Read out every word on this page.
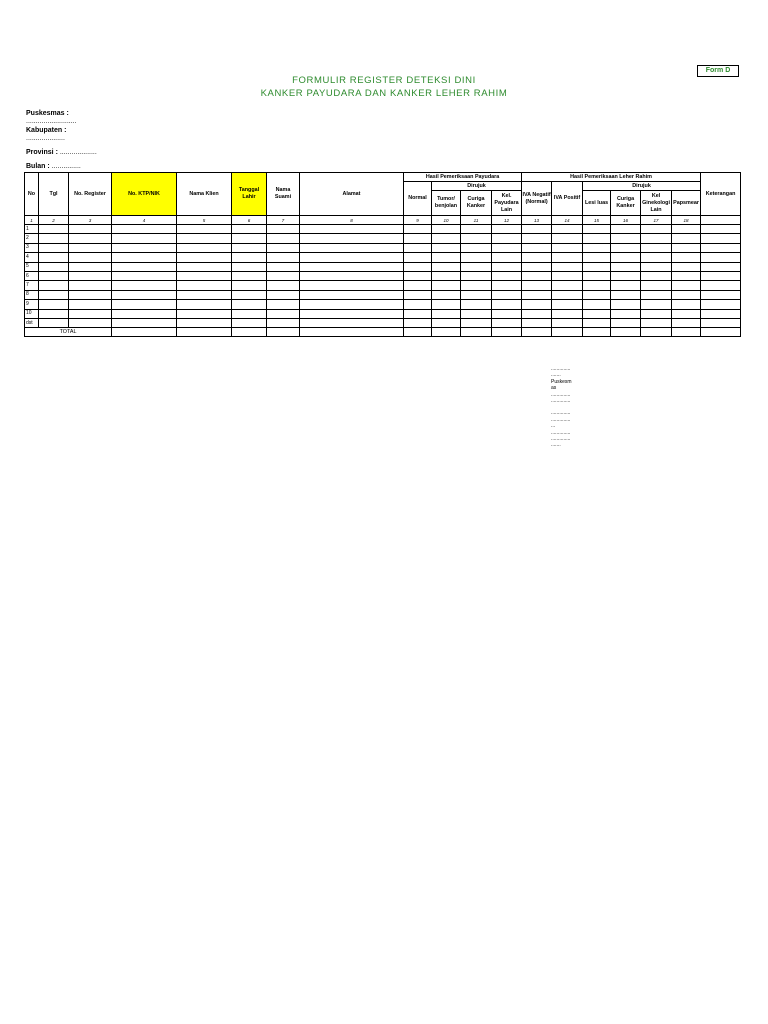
Form D
FORMULIR REGISTER DETEKSI DINI
KANKER PAYUDARA DAN KANKER LEHER RAHIM
Puskesmas :
..........................
Kabupaten :
....................
Provinsi : ...................
Bulan : ...............
No	Tgl	No. Register	No. KTP/NIK	Nama Klien	Tanggal Lahir	Nama Suami	Alamat	Hasil Pemeriksaan Payudara				Hasil Pemeriksaan Leher Rahim						Keterangan
								Normal	Dirujuk			IVA Negatif (Normal)	IVA Positif	Dirujuk				
									Tumor/ benjolan	Curiga Kanker	Kel. Payudara Lain			Lesi luas	Curiga Kanker	Kel Ginekologi Lain	Papsmear	
1	2	3	4	5	6	7	8	9	10	11	12	13	14	15	16	17	18	
1																		
2																		
3																		
4																		
5																		
6																		
7																		
8																		
9																		
10																		
dst																		
TOTAL																		
..............
.......
Puskesm
as
..............
..............
..............
..............
...
..............
..............
.......
